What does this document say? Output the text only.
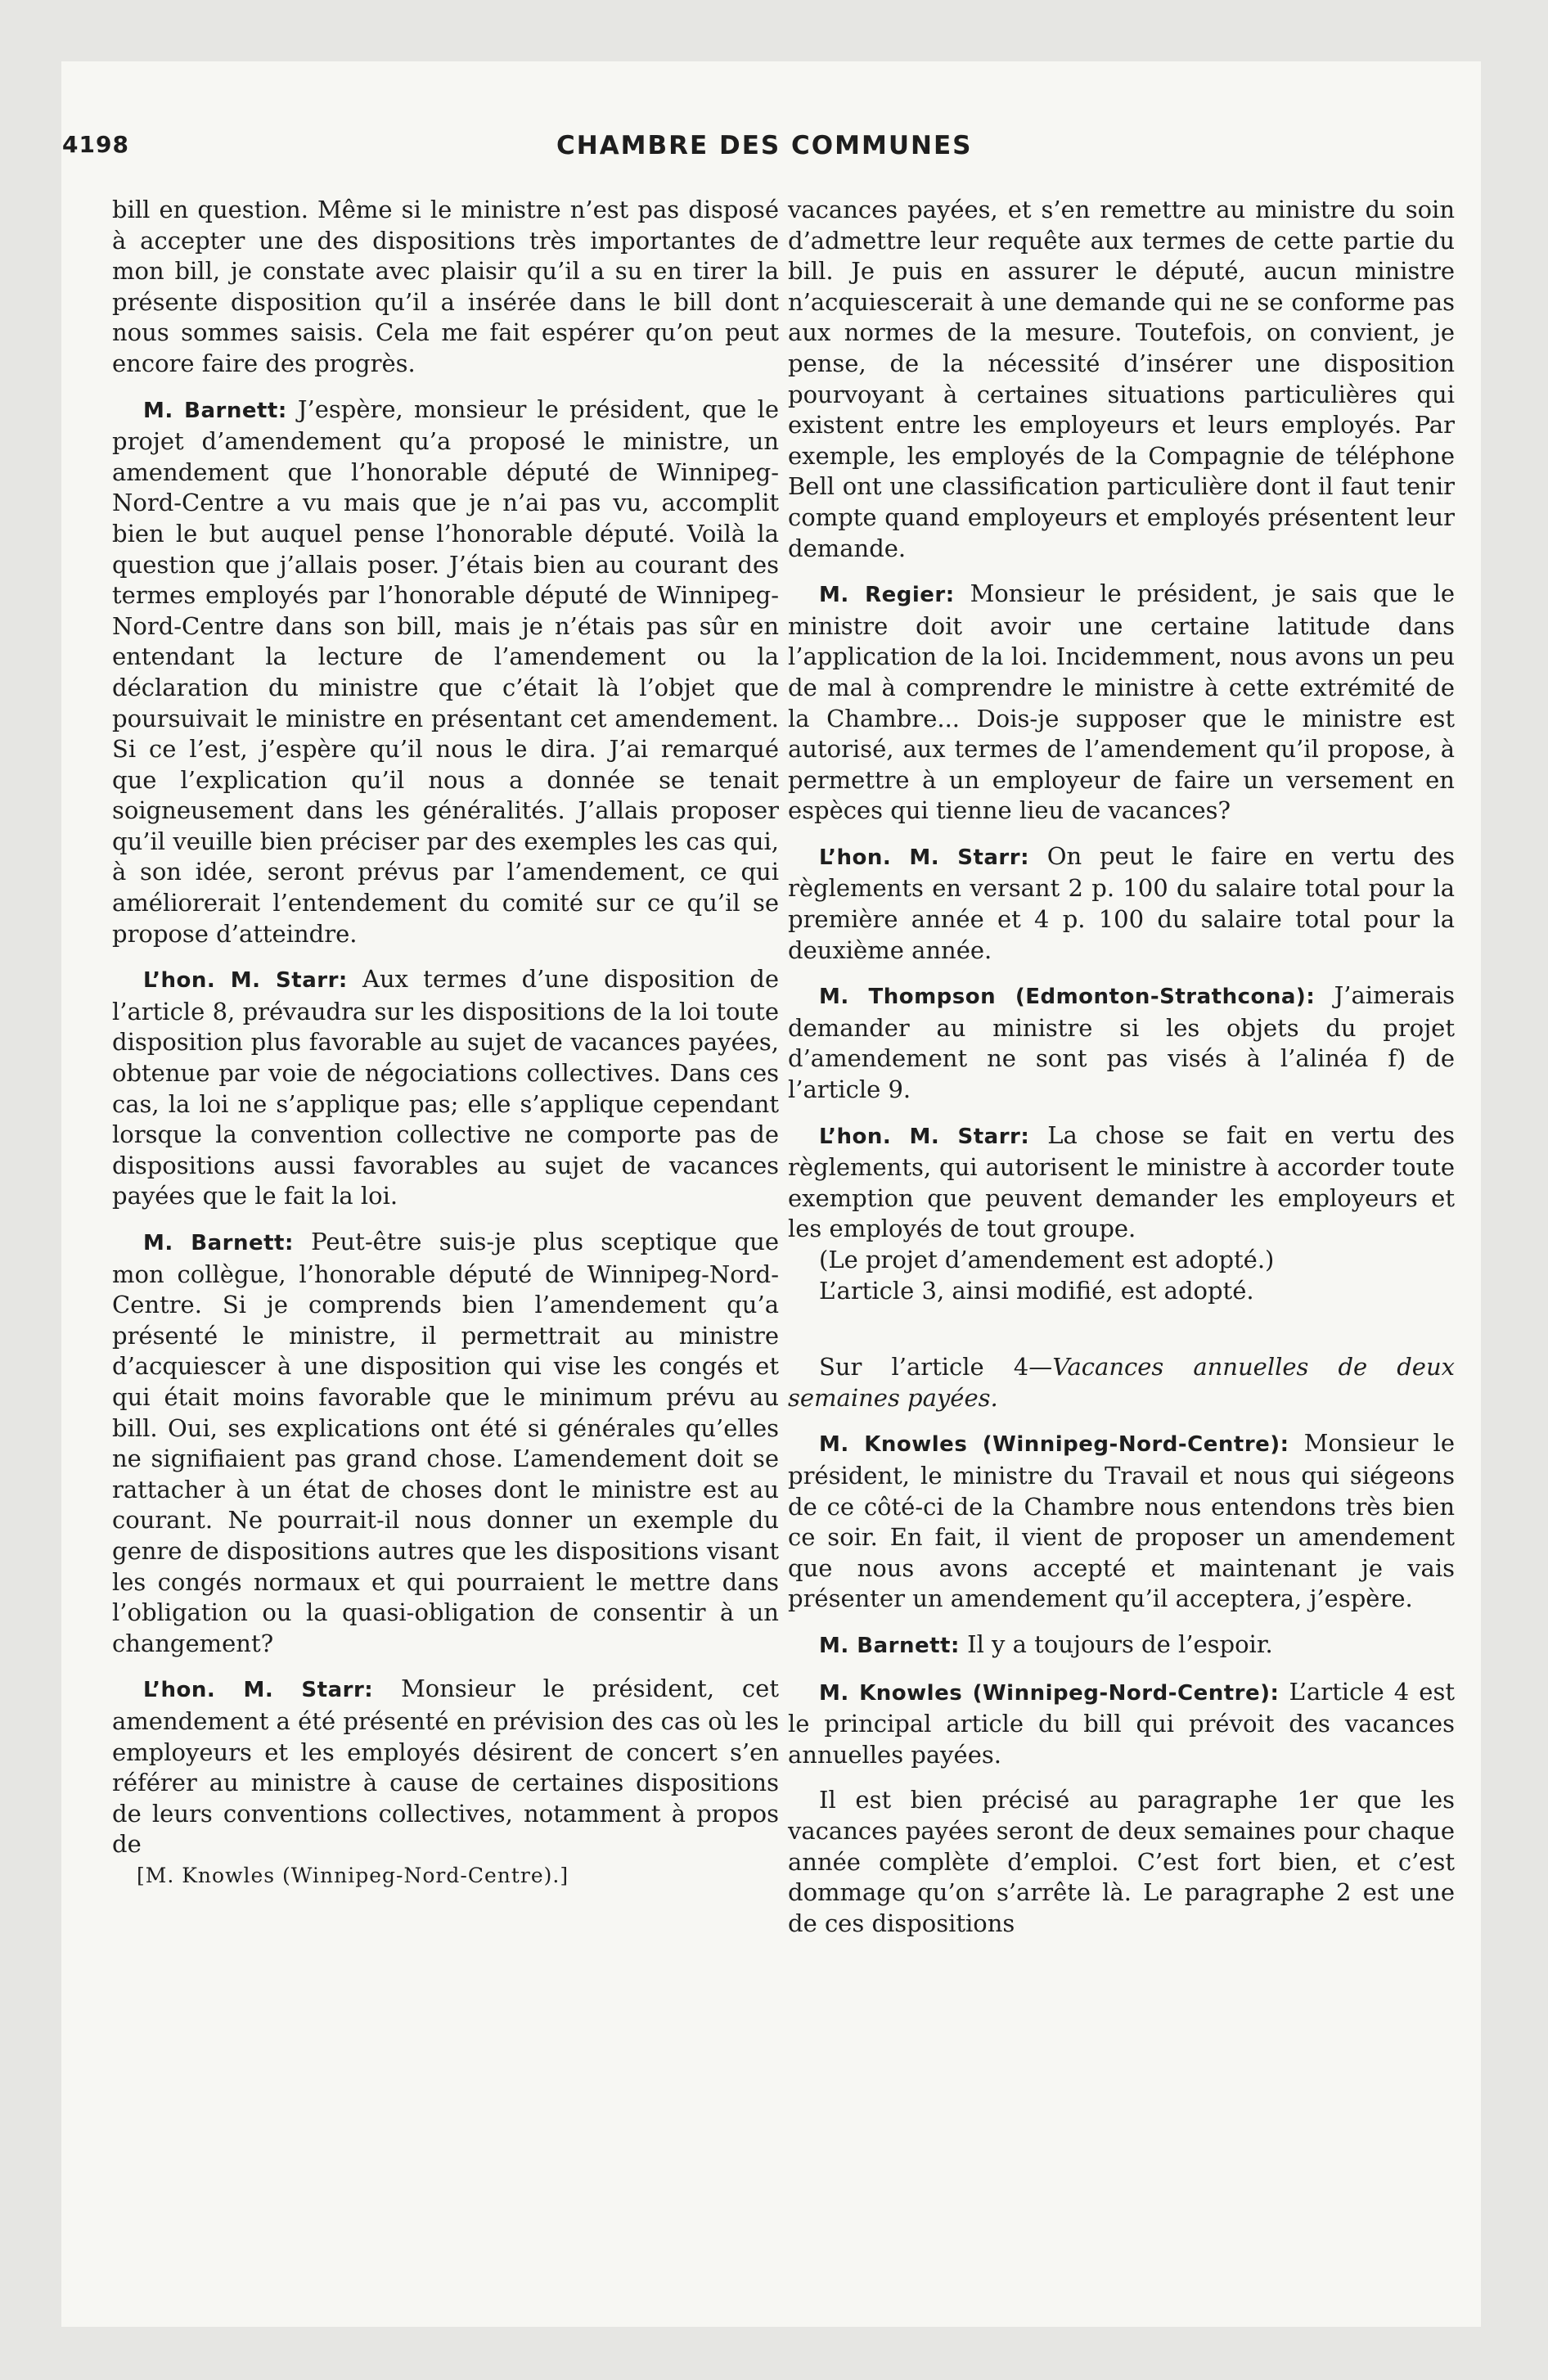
4198	CHAMBRE DES COMMUNES

bill en question. Même si le ministre n’est pas disposé à accepter une des dispositions très importantes de mon bill, je constate avec plaisir qu’il a su en tirer la présente disposition qu’il a insérée dans le bill dont nous sommes saisis. Cela me fait espérer qu’on peut encore faire des progrès.

M. Barnett: J’espère, monsieur le président, que le projet d’amendement qu’a proposé le ministre, un amendement que l’honorable député de Winnipeg-Nord-Centre a vu mais que je n’ai pas vu, accomplit bien le but auquel pense l’honorable député. Voilà la question que j’allais poser. J’étais bien au courant des termes employés par l’honorable député de Winnipeg-Nord-Centre dans son bill, mais je n’étais pas sûr en entendant la lecture de l’amendement ou la déclaration du ministre que c’était là l’objet que poursuivait le ministre en présentant cet amendement. Si ce l’est, j’espère qu’il nous le dira. J’ai remarqué que l’explication qu’il nous a donnée se tenait soigneusement dans les généralités. J’allais proposer qu’il veuille bien préciser par des exemples les cas qui, à son idée, seront prévus par l’amendement, ce qui améliorerait l’entendement du comité sur ce qu’il se propose d’atteindre.

L’hon. M. Starr: Aux termes d’une disposition de l’article 8, prévaudra sur les dispositions de la loi toute disposition plus favorable au sujet de vacances payées, obtenue par voie de négociations collectives. Dans ces cas, la loi ne s’applique pas; elle s’applique cependant lorsque la convention collective ne comporte pas de dispositions aussi favorables au sujet de vacances payées que le fait la loi.

M. Barnett: Peut-être suis-je plus sceptique que mon collègue, l’honorable député de Winnipeg-Nord-Centre. Si je comprends bien l’amendement qu’a présenté le ministre, il permettrait au ministre d’acquiescer à une disposition qui vise les congés et qui était moins favorable que le minimum prévu au bill. Oui, ses explications ont été si générales qu’elles ne signifiaient pas grand chose. L’amendement doit se rattacher à un état de choses dont le ministre est au courant. Ne pourrait-il nous donner un exemple du genre de dispositions autres que les dispositions visant les congés normaux et qui pourraient le mettre dans l’obligation ou la quasi-obligation de consentir à un changement?

L’hon. M. Starr: Monsieur le président, cet amendement a été présenté en prévision des cas où les employeurs et les employés désirent de concert s’en référer au ministre à cause de certaines dispositions de leurs conventions collectives, notamment à propos de

[M. Knowles (Winnipeg-Nord-Centre).]

vacances payées, et s’en remettre au ministre du soin d’admettre leur requête aux termes de cette partie du bill. Je puis en assurer le député, aucun ministre n’acquiescerait à une demande qui ne se conforme pas aux normes de la mesure. Toutefois, on convient, je pense, de la nécessité d’insérer une disposition pourvoyant à certaines situations particulières qui existent entre les employeurs et leurs employés. Par exemple, les employés de la Compagnie de téléphone Bell ont une classification particulière dont il faut tenir compte quand employeurs et employés présentent leur demande.

M. Regier: Monsieur le président, je sais que le ministre doit avoir une certaine latitude dans l’application de la loi. Incidemment, nous avons un peu de mal à comprendre le ministre à cette extrémité de la Chambre... Dois-je supposer que le ministre est autorisé, aux termes de l’amendement qu’il propose, à permettre à un employeur de faire un versement en espèces qui tienne lieu de vacances?

L’hon. M. Starr: On peut le faire en vertu des règlements en versant 2 p. 100 du salaire total pour la première année et 4 p. 100 du salaire total pour la deuxième année.

M. Thompson (Edmonton-Strathcona): J’aimerais demander au ministre si les objets du projet d’amendement ne sont pas visés à l’alinéa f) de l’article 9.

L’hon. M. Starr: La chose se fait en vertu des règlements, qui autorisent le ministre à accorder toute exemption que peuvent demander les employeurs et les employés de tout groupe.

(Le projet d’amendement est adopté.)

L’article 3, ainsi modifié, est adopté.

Sur l’article 4—Vacances annuelles de deux semaines payées.

M. Knowles (Winnipeg-Nord-Centre): Monsieur le président, le ministre du Travail et nous qui siégeons de ce côté-ci de la Chambre nous entendons très bien ce soir. En fait, il vient de proposer un amendement que nous avons accepté et maintenant je vais présenter un amendement qu’il acceptera, j’espère.

M. Barnett: Il y a toujours de l’espoir.

M. Knowles (Winnipeg-Nord-Centre): L’article 4 est le principal article du bill qui prévoit des vacances annuelles payées.

Il est bien précisé au paragraphe 1er que les vacances payées seront de deux semaines pour chaque année complète d’emploi. C’est fort bien, et c’est dommage qu’on s’arrête là. Le paragraphe 2 est une de ces dispositions
